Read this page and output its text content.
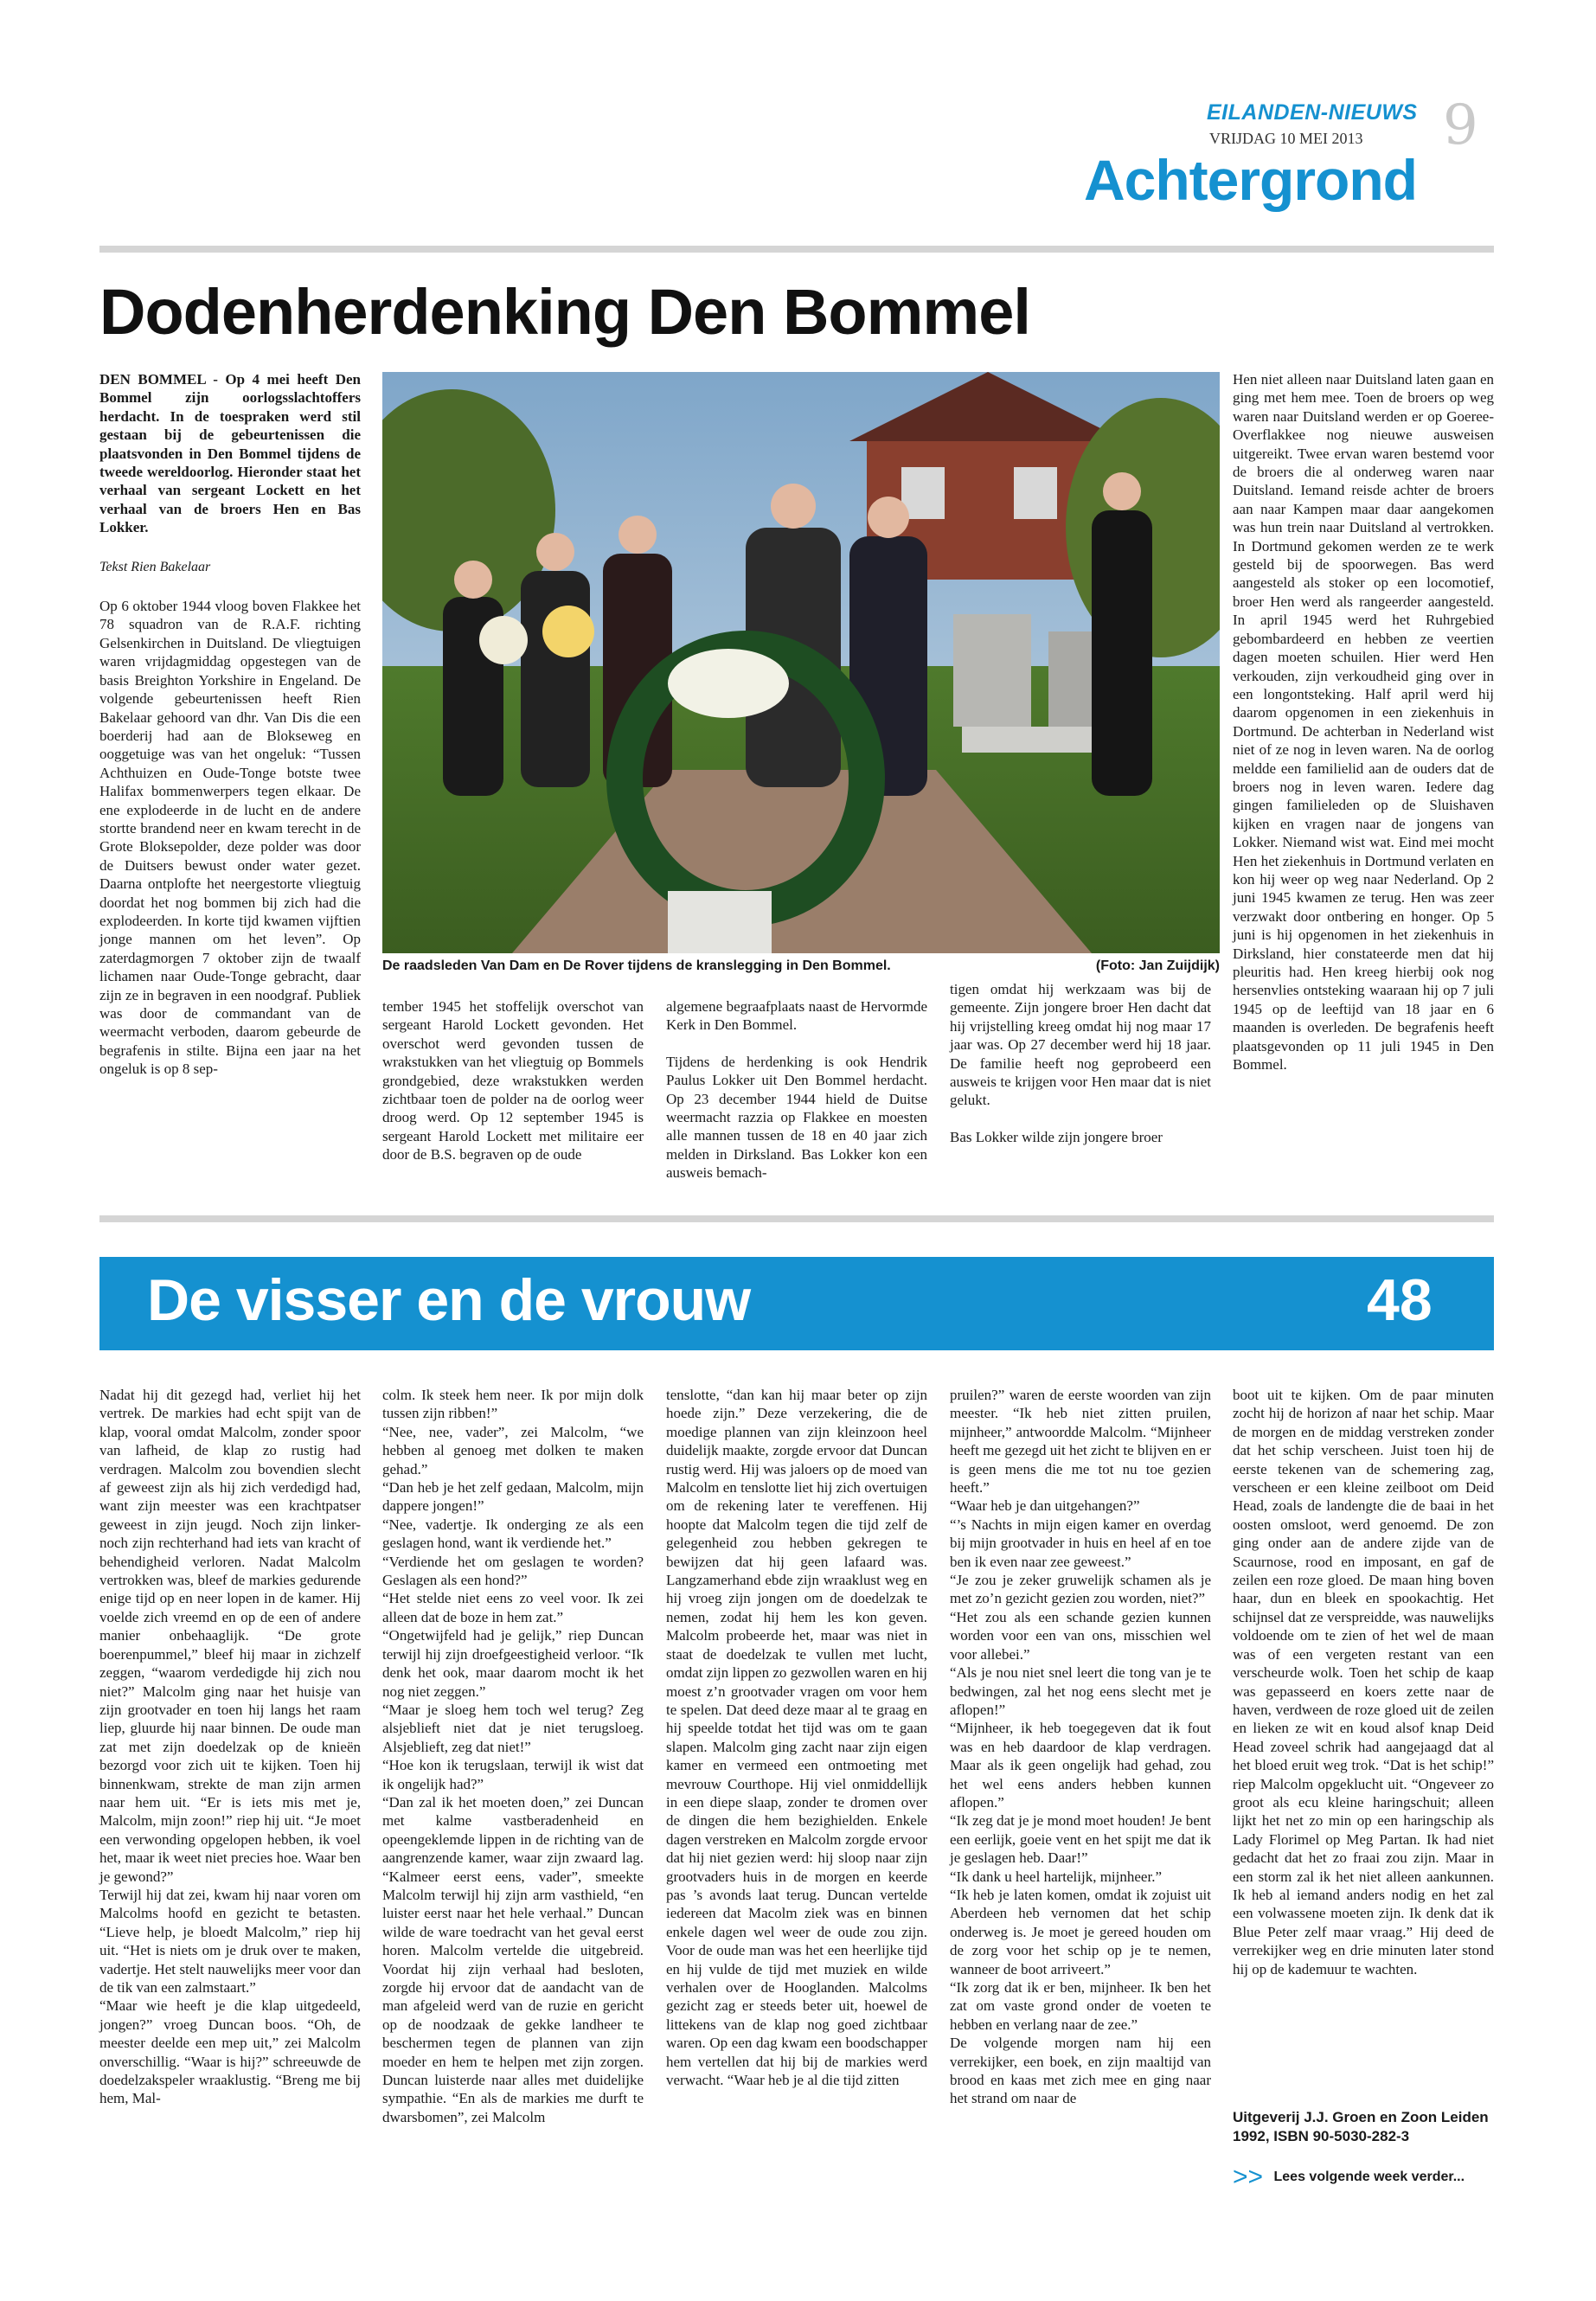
EILANDEN-NIEUWS
VRIJDAG 10 MEI 2013
Achtergrond
9
Dodenherdenking Den Bommel

DEN BOMMEL - Op 4 mei heeft Den Bommel zijn oorlogsslachtoffers herdacht. In de toespraken werd stil gestaan bij de gebeurtenissen die plaatsvonden in Den Bommel tijdens de tweede wereldoorlog. Hieronder staat het verhaal van sergeant Lockett en het verhaal van de broers Hen en Bas Lokker.

Tekst Rien Bakelaar

Op 6 oktober 1944 vloog boven Flakkee het 78 squadron van de R.A.F. richting Gelsenkirchen in Duitsland. De vliegtuigen waren vrijdagmiddag opgestegen van de basis Breighton Yorkshire in Engeland. De volgende gebeurtenissen heeft Rien Bakelaar gehoord van dhr. Van Dis die een boerderij had aan de Blokseweg en ooggetuige was van het ongeluk: “Tussen Achthuizen en Oude-Tonge botste twee Halifax bommenwerpers tegen elkaar. De ene explodeerde in de lucht en de andere stortte brandend neer en kwam terecht in de Grote Bloksepolder, deze polder was door de Duitsers bewust onder water gezet. Daarna ontplofte het neergestorte vliegtuig doordat het nog bommen bij zich had die explodeerden. In korte tijd kwamen vijftien jonge mannen om het leven”. Op zaterdagmorgen 7 oktober zijn de twaalf lichamen naar Oude-Tonge gebracht, daar zijn ze in begraven in een noodgraf. Publiek was door de commandant van de weermacht verboden, daarom gebeurde de begrafenis in stilte. Bijna een jaar na het ongeluk is op 8 sep-

De raadsleden Van Dam en De Rover tijdens de kranslegging in Den Bommel.	(Foto: Jan Zuijdijk)

tember 1945 het stoffelijk overschot van sergeant Harold Lockett gevonden. Het overschot werd gevonden tussen de wrakstukken van het vliegtuig op Bommels grondgebied, deze wrakstukken werden zichtbaar toen de polder na de oorlog weer droog werd. Op 12 september 1945 is sergeant Harold Lockett met militaire eer door de B.S. begraven op de oude

algemene begraafplaats naast de Hervormde Kerk in Den Bommel.

Tijdens de herdenking is ook Hendrik Paulus Lokker uit Den Bommel herdacht. Op 23 december 1944 hield de Duitse weermacht razzia op Flakkee en moesten alle mannen tussen de 18 en 40 jaar zich melden in Dirksland. Bas Lokker kon een ausweis bemach-

tigen omdat hij werkzaam was bij de gemeente. Zijn jongere broer Hen dacht dat hij vrijstelling kreeg omdat hij nog maar 17 jaar was. Op 27 december werd hij 18 jaar. De familie heeft nog geprobeerd een ausweis te krijgen voor Hen maar dat is niet gelukt.

Bas Lokker wilde zijn jongere broer

Hen niet alleen naar Duitsland laten gaan en ging met hem mee. Toen de broers op weg waren naar Duitsland werden er op Goeree-Overflakkee nog nieuwe ausweisen uitgereikt. Twee ervan waren bestemd voor de broers die al onderweg waren naar Duitsland. Iemand reisde achter de broers aan naar Kampen maar daar aangekomen was hun trein naar Duitsland al vertrokken. In Dortmund gekomen werden ze te werk gesteld bij de spoorwegen. Bas werd aangesteld als stoker op een locomotief, broer Hen werd als rangeerder aangesteld. In april 1945 werd het Ruhrgebied gebombardeerd en hebben ze veertien dagen moeten schuilen. Hier werd Hen verkouden, zijn verkoudheid ging over in een longontsteking. Half april werd hij daarom opgenomen in een ziekenhuis in Dortmund. De achterban in Nederland wist niet of ze nog in leven waren. Na de oorlog meldde een familielid aan de ouders dat de broers nog in leven waren. Iedere dag gingen familieleden op de Sluishaven kijken en vragen naar de jongens van Lokker. Niemand wist wat. Eind mei mocht Hen het ziekenhuis in Dortmund verlaten en kon hij weer op weg naar Nederland. Op 2 juni 1945 kwamen ze terug. Hen was zeer verzwakt door ontbering en honger. Op 5 juni is hij opgenomen in het ziekenhuis in Dirksland, hier constateerde men dat hij pleuritis had. Hen kreeg hierbij ook nog hersenvlies ontsteking waaraan hij op 7 juli 1945 op de leeftijd van 18 jaar en 6 maanden is overleden. De begrafenis heeft plaatsgevonden op 11 juli 1945 in Den Bommel.

De visser en de vrouw	48
Nadat hij dit gezegd had, verliet hij het vertrek. De markies had echt spijt van de klap, vooral omdat Malcolm, zonder spoor van lafheid, de klap zo rustig had verdragen. Malcolm zou bovendien slecht af geweest zijn als hij zich verdedigd had, want zijn meester was een krachtpatser geweest in zijn jeugd. Noch zijn linker- noch zijn rechterhand had iets van kracht of behendigheid verloren. Nadat Malcolm vertrokken was, bleef de markies gedurende enige tijd op en neer lopen in de kamer. Hij voelde zich vreemd en op de een of andere manier onbehaaglijk. “De grote boerenpummel,” bleef hij maar in zichzelf zeggen, “waarom verdedigde hij zich nou niet?” Malcolm ging naar het huisje van zijn grootvader en toen hij langs het raam liep, gluurde hij naar binnen. De oude man zat met zijn doedelzak op de knieën bezorgd voor zich uit te kijken. Toen hij binnenkwam, strekte de man zijn armen naar hem uit. “Er is iets mis met je, Malcolm, mijn zoon!” riep hij uit. “Je moet een verwonding opgelopen hebben, ik voel het, maar ik weet niet precies hoe. Waar ben je gewond?”
Terwijl hij dat zei, kwam hij naar voren om Malcolms hoofd en gezicht te betasten. “Lieve help, je bloedt Malcolm,” riep hij uit. “Het is niets om je druk over te maken, vadertje. Het stelt nauwelijks meer voor dan de tik van een zalmstaart.”
“Maar wie heeft je die klap uitgedeeld, jongen?” vroeg Duncan boos. “Oh, de meester deelde een mep uit,” zei Malcolm onverschillig. “Waar is hij?” schreeuwde de doedelzakspeler wraaklustig. “Breng me bij hem, Mal-
colm. Ik steek hem neer. Ik por mijn dolk tussen zijn ribben!”
“Nee, nee, vader”, zei Malcolm, “we hebben al genoeg met dolken te maken gehad.”
“Dan heb je het zelf gedaan, Malcolm, mijn dappere jongen!”
“Nee, vadertje. Ik onderging ze als een geslagen hond, want ik verdiende het.”
“Verdiende het om geslagen te worden? Geslagen als een hond?”
“Het stelde niet eens zo veel voor. Ik zei alleen dat de boze in hem zat.”
“Ongetwijfeld had je gelijk,” riep Duncan terwijl hij zijn droefgeestigheid verloor. “Ik denk het ook, maar daarom mocht ik het nog niet zeggen.”
“Maar je sloeg hem toch wel terug? Zeg alsjeblieft niet dat je niet terugsloeg. Alsjeblieft, zeg dat niet!”
“Hoe kon ik terugslaan, terwijl ik wist dat ik ongelijk had?”
“Dan zal ik het moeten doen,” zei Duncan met kalme vastberadenheid en opeengeklemde lippen in de richting van de aangrenzende kamer, waar zijn zwaard lag. “Kalmeer eerst eens, vader”, smeekte Malcolm terwijl hij zijn arm vasthield, “en luister eerst naar het hele verhaal.” Duncan wilde de ware toedracht van het geval eerst horen. Malcolm vertelde die uitgebreid. Voordat hij zijn verhaal had besloten, zorgde hij ervoor dat de aandacht van de man afgeleid werd van de ruzie en gericht op de noodzaak de gekke landheer te beschermen tegen de plannen van zijn moeder en hem te helpen met zijn zorgen. Duncan luisterde naar alles met duidelijke sympathie. “En als de markies me durft te dwarsbomen”, zei Malcolm
tenslotte, “dan kan hij maar beter op zijn hoede zijn.” Deze verzekering, die de moedige plannen van zijn kleinzoon heel duidelijk maakte, zorgde ervoor dat Duncan rustig werd. Hij was jaloers op de moed van Malcolm en tenslotte liet hij zich overtuigen om de rekening later te vereffenen. Hij hoopte dat Malcolm tegen die tijd zelf de gelegenheid zou hebben gekregen te bewijzen dat hij geen lafaard was. Langzamerhand ebde zijn wraaklust weg en hij vroeg zijn jongen om de doedelzak te nemen, zodat hij hem les kon geven. Malcolm probeerde het, maar was niet in staat de doedelzak te vullen met lucht, omdat zijn lippen zo gezwollen waren en hij moest z’n grootvader vragen om voor hem te spelen. Dat deed deze maar al te graag en hij speelde totdat het tijd was om te gaan slapen. Malcolm ging zacht naar zijn eigen kamer en vermeed een ontmoeting met mevrouw Courthope. Hij viel onmiddellijk in een diepe slaap, zonder te dromen over de dingen die hem bezighielden. Enkele dagen verstreken en Malcolm zorgde ervoor dat hij niet gezien werd: hij sloop naar zijn grootvaders huis in de morgen en keerde pas ’s avonds laat terug. Duncan vertelde iedereen dat Macolm ziek was en binnen enkele dagen wel weer de oude zou zijn. Voor de oude man was het een heerlijke tijd en hij vulde de tijd met muziek en wilde verhalen over de Hooglanden. Malcolms gezicht zag er steeds beter uit, hoewel de littekens van de klap nog goed zichtbaar waren. Op een dag kwam een boodschapper hem vertellen dat hij bij de markies werd verwacht. “Waar heb je al die tijd zitten
pruilen?” waren de eerste woorden van zijn meester. “Ik heb niet zitten pruilen, mijnheer,” antwoordde Malcolm. “Mijnheer heeft me gezegd uit het zicht te blijven en er is geen mens die me tot nu toe gezien heeft.”
“Waar heb je dan uitgehangen?”
“’s Nachts in mijn eigen kamer en overdag bij mijn grootvader in huis en heel af en toe ben ik even naar zee geweest.”
“Je zou je zeker gruwelijk schamen als je met zo’n gezicht gezien zou worden, niet?”
“Het zou als een schande gezien kunnen worden voor een van ons, misschien wel voor allebei.”
“Als je nou niet snel leert die tong van je te bedwingen, zal het nog eens slecht met je aflopen!”
“Mijnheer, ik heb toegegeven dat ik fout was en heb daardoor de klap verdragen. Maar als ik geen ongelijk had gehad, zou het wel eens anders hebben kunnen aflopen.”
“Ik zeg dat je je mond moet houden! Je bent een eerlijk, goeie vent en het spijt me dat ik je geslagen heb. Daar!”
“Ik dank u heel hartelijk, mijnheer.”
“Ik heb je laten komen, omdat ik zojuist uit Aberdeen heb vernomen dat het schip onderweg is. Je moet je gereed houden om de zorg voor het schip op je te nemen, wanneer de boot arriveert.”
“Ik zorg dat ik er ben, mijnheer. Ik ben het zat om vaste grond onder de voeten te hebben en verlang naar de zee.”
De volgende morgen nam hij een verrekijker, een boek, en zijn maaltijd van brood en kaas met zich mee en ging naar het strand om naar de
boot uit te kijken. Om de paar minuten zocht hij de horizon af naar het schip. Maar de morgen en de middag verstreken zonder dat het schip verscheen. Juist toen hij de eerste tekenen van de schemering zag, verscheen er een kleine zeilboot om Deid Head, zoals de landengte die de baai in het oosten omsloot, werd genoemd. De zon ging onder aan de andere zijde van de Scaurnose, rood en imposant, en gaf de zeilen een roze gloed. De maan hing boven haar, dun en bleek en spookachtig. Het schijnsel dat ze verspreidde, was nauwelijks voldoende om te zien of het wel de maan was of een vergeten restant van een verscheurde wolk. Toen het schip de kaap was gepasseerd en koers zette naar de haven, verdween de roze gloed uit de zeilen en lieken ze wit en koud alsof knap Deid Head zoveel schrik had aangejaagd dat al het bloed eruit weg trok. “Dat is het schip!” riep Malcolm opgeklucht uit. “Ongeveer zo groot als ecu kleine haringschuit; alleen lijkt het net zo min op een haringschip als Lady Florimel op Meg Partan. Ik had niet gedacht dat het zo fraai zou zijn. Maar in een storm zal ik het niet alleen aankunnen. Ik heb al iemand anders nodig en het zal een volwassene moeten zijn. Ik denk dat ik Blue Peter zelf maar vraag.” Hij deed de verrekijker weg en drie minuten later stond hij op de kademuur te wachten.
Uitgeverij J.J. Groen en Zoon Leiden 1992, ISBN 90-5030-282-3
>> Lees volgende week verder...
